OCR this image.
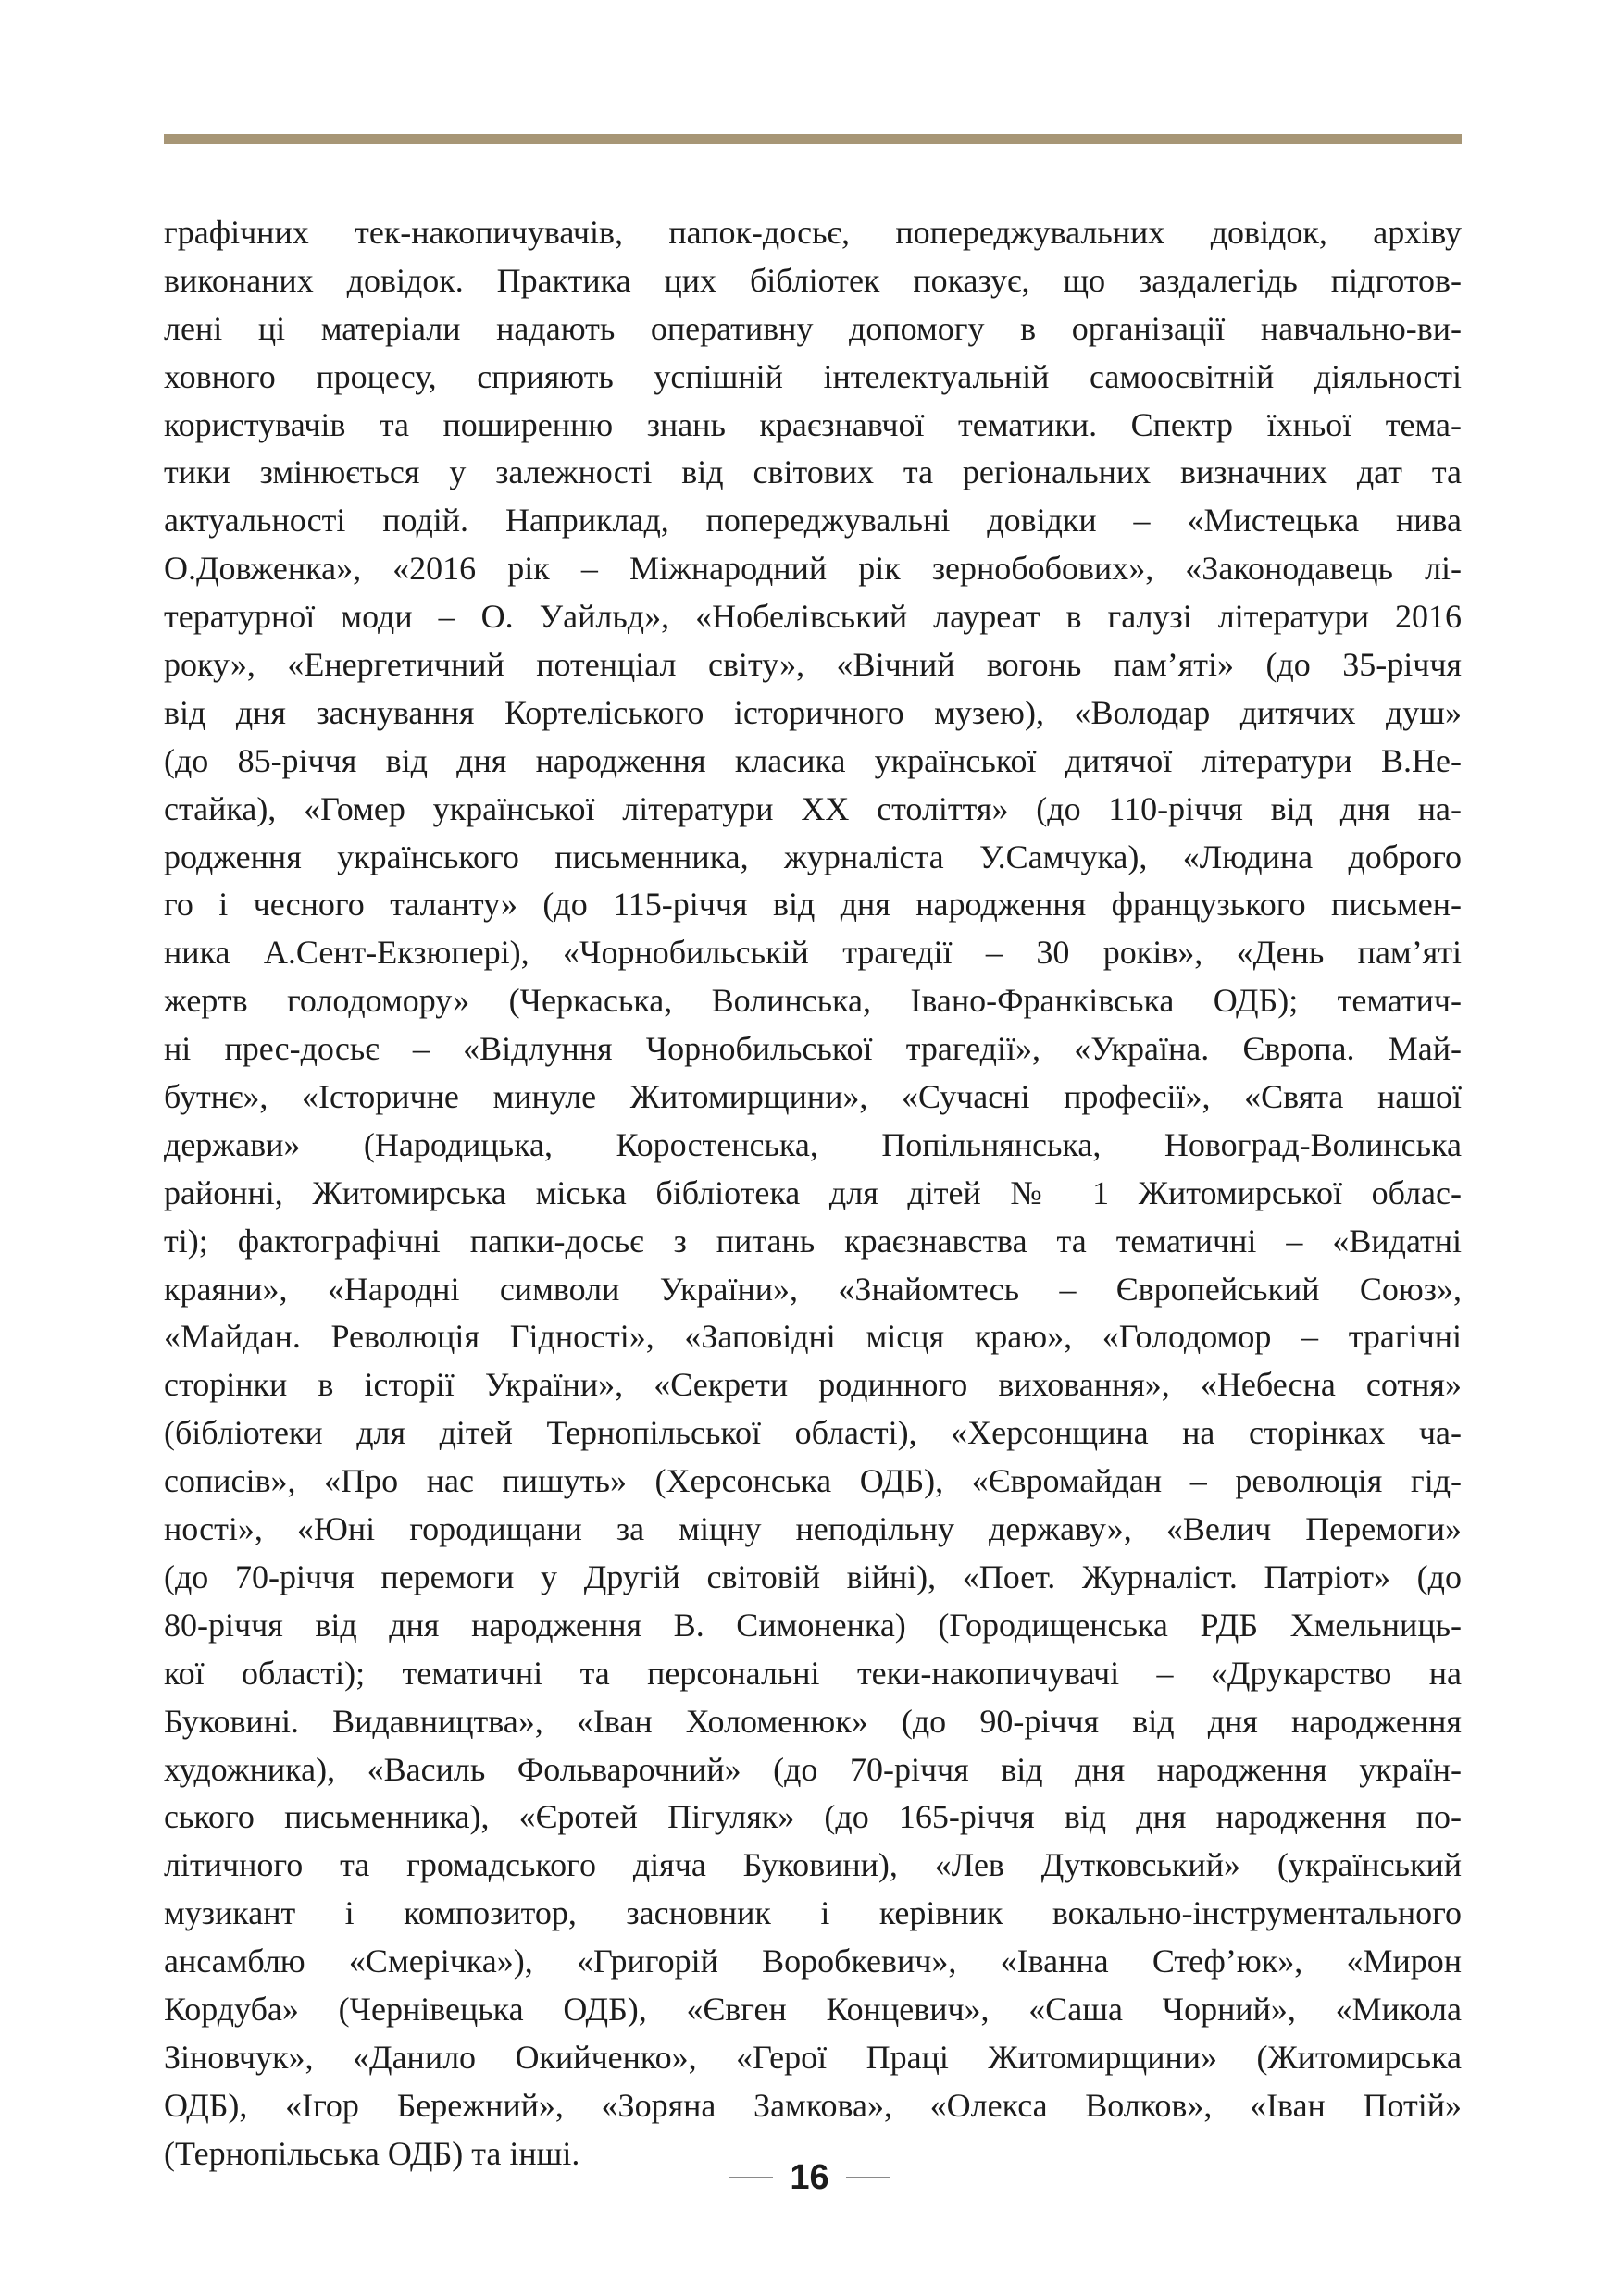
графічних тек-накопичувачів, папок-досьє, попереджувальних довідок, архіву
виконаних довідок. Практика цих бібліотек показує, що заздалегідь підготов-
лені ці матеріали надають оперативну допомогу в організації навчально-ви-
ховного процесу, сприяють успішній інтелектуальній самоосвітній діяльності
користувачів та поширенню знань краєзнавчої тематики. Спектр їхньої тема-
тики змінюється у залежності від світових та регіональних визначних дат та
актуальності подій. Наприклад, попереджувальні довідки – «Мистецька нива
О.Довженка», «2016 рік – Міжнародний рік зернобобових», «Законодавець лі-
тературної моди – О. Уайльд», «Нобелівський лауреат в галузі літератури 2016
року», «Енергетичний потенціал світу», «Вічний вогонь пам’яті» (до 35-річчя
від дня заснування Кортеліського історичного музею), «Володар дитячих душ»
(до 85-річчя від дня народження класика української дитячої літератури В.Не-
стайка), «Гомер української літератури ХХ століття» (до 110-річчя від дня на-
родження українського письменника, журналіста У.Самчука), «Людина доброго
го і чесного таланту» (до 115-річчя від дня народження французького письмен-
ника А.Сент-Екзюпері), «Чорнобильській трагедії – 30 років», «День пам’яті
жертв голодомору» (Черкаська, Волинська, Івано-Франківська ОДБ); тематич-
ні прес-досьє – «Відлуння Чорнобильської трагедії», «Україна. Європа. Май-
бутнє», «Історичне минуле Житомирщини», «Сучасні професії», «Свята нашої
держави» (Народицька, Коростенська, Попільнянська, Новоград-Волинська
районні, Житомирська міська бібліотека для дітей № 1 Житомирської облас-
ті); фактографічні папки-досьє з питань краєзнавства та тематичні – «Видатні
краяни», «Народні символи України», «Знайомтесь – Європейський Союз»,
«Майдан. Революція Гідності», «Заповідні місця краю», «Голодомор – трагічні
сторінки в історії України», «Секрети родинного виховання», «Небесна сотня»
(бібліотеки для дітей Тернопільської області), «Херсонщина на сторінках ча-
сописів», «Про нас пишуть» (Херсонська ОДБ), «Євромайдан – революція гід-
ності», «Юні городищани за міцну неподільну державу», «Велич Перемоги»
(до 70-річчя перемоги у Другій світовій війні), «Поет. Журналіст. Патріот» (до
80-річчя від дня народження В. Симоненка) (Городищенська РДБ Хмельниць-
кої області); тематичні та персональні теки-накопичувачі – «Друкарство на
Буковині. Видавництва», «Іван Холоменюк» (до 90-річчя від дня народження
художника), «Василь Фольварочний» (до 70-річчя від дня народження україн-
ського письменника), «Єротей Пігуляк» (до 165-річчя від дня народження по-
літичного та громадського діяча Буковини), «Лев Дутковський» (український
музикант і композитор, засновник і керівник вокально-інструментального
ансамблю «Смерічка»), «Григорій Воробкевич», «Іванна Стеф’юк», «Мирон
Кордуба» (Чернівецька ОДБ), «Євген Концевич», «Саша Чорний», «Микола
Зіновчук», «Данило Окийченко», «Герої Праці Житомирщини» (Житомирська
ОДБ), «Ігор Бережний», «Зоряна Замкова», «Олекса Волков», «Іван Потій»
(Тернопільська ОДБ) та інші.
16
